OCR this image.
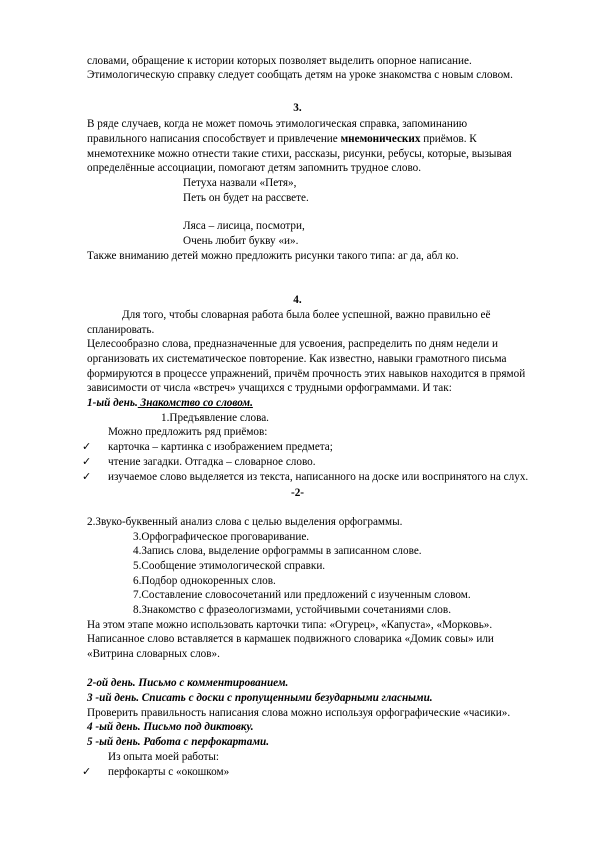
словами, обращение к истории которых позволяет выделить опорное написание.
Этимологическую справку следует сообщать детям на уроке знакомства с новым словом.
3.
В ряде случаев, когда не может помочь этимологическая справка, запоминанию
правильного написания способствует и привлечение мнемонических приёмов. К
мнемотехнике можно отнести такие стихи, рассказы, рисунки, ребусы, которые, вызывая
определённые ассоциации, помогают детям запомнить трудное слово.
Петуха назвали «Петя»,
Петь он будет на рассвете.
Ляса – лисица, посмотри,
Очень любит букву «и».
Также вниманию детей можно предложить рисунки такого типа: аг да, абл ко.
4.
Для того, чтобы словарная работа была более успешной, важно правильно её
спланировать.
Целесообразно слова, предназначенные для усвоения, распределить по дням недели и
организовать их систематическое повторение. Как известно, навыки грамотного письма
формируются в процессе упражнений, причём прочность этих навыков находится в прямой
зависимости от числа «встреч» учащихся с трудными орфограммами. И так:
1-ый день. Знакомство со словом.
1.Предъявление слова.
Можно предложить ряд приёмов:
✓ карточка – картинка с изображением предмета;
✓ чтение загадки. Отгадка – словарное слово.
✓ изучаемое слово выделяется из текста, написанного на доске или воспринятого на слух.
-2-
2.Звуко-буквенный анализ слова с целью выделения орфограммы.
3.Орфографическое проговаривание.
4.Запись слова, выделение орфограммы в записанном слове.
5.Сообщение этимологической справки.
6.Подбор однокоренных слов.
7.Составление словосочетаний или предложений с изученным словом.
8.Знакомство с фразеологизмами, устойчивыми сочетаниями слов.
На этом этапе можно использовать карточки типа: «Огурец», «Капуста», «Морковь».
Написанное слово вставляется в кармашек подвижного словарика «Домик совы» или
«Витрина словарных слов».
2-ой день. Письмо с комментированием.
3 -ий день. Списать с доски с пропущенными безударными гласными.
Проверить правильность написания слова можно используя орфографические «часики».
4 -ый день. Письмо под диктовку.
5 -ый день. Работа с перфокартами.
Из опыта моей работы:
✓ перфокарты с «окошком»
